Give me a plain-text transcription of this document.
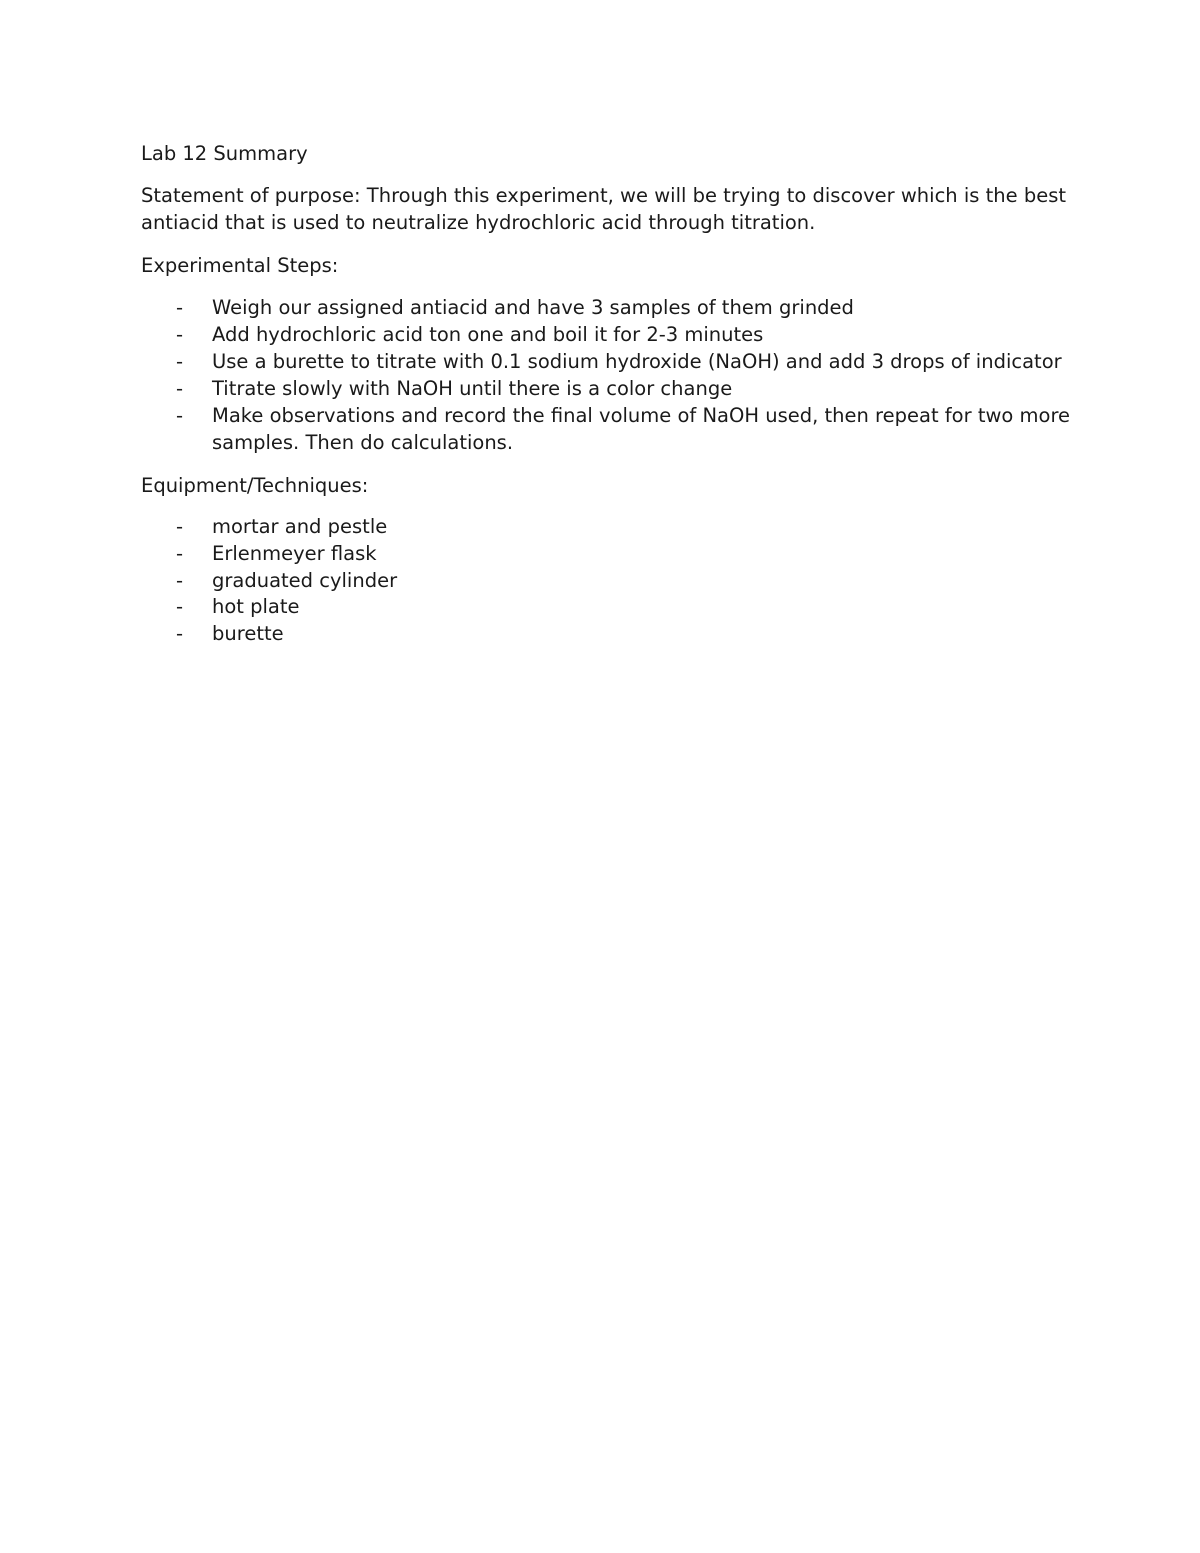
Lab 12 Summary
Statement of purpose: Through this experiment, we will be trying to discover which is the best antiacid that is used to neutralize hydrochloric acid through titration.
Experimental Steps:
- Weigh our assigned antiacid and have 3 samples of them grinded
- Add hydrochloric acid ton one and boil it for 2-3 minutes
- Use a burette to titrate with 0.1 sodium hydroxide (NaOH) and add 3 drops of indicator
- Titrate slowly with NaOH until there is a color change
- Make observations and record the final volume of NaOH used, then repeat for two more samples. Then do calculations.
Equipment/Techniques:
- mortar and pestle
- Erlenmeyer flask
- graduated cylinder
- hot plate
- burette
